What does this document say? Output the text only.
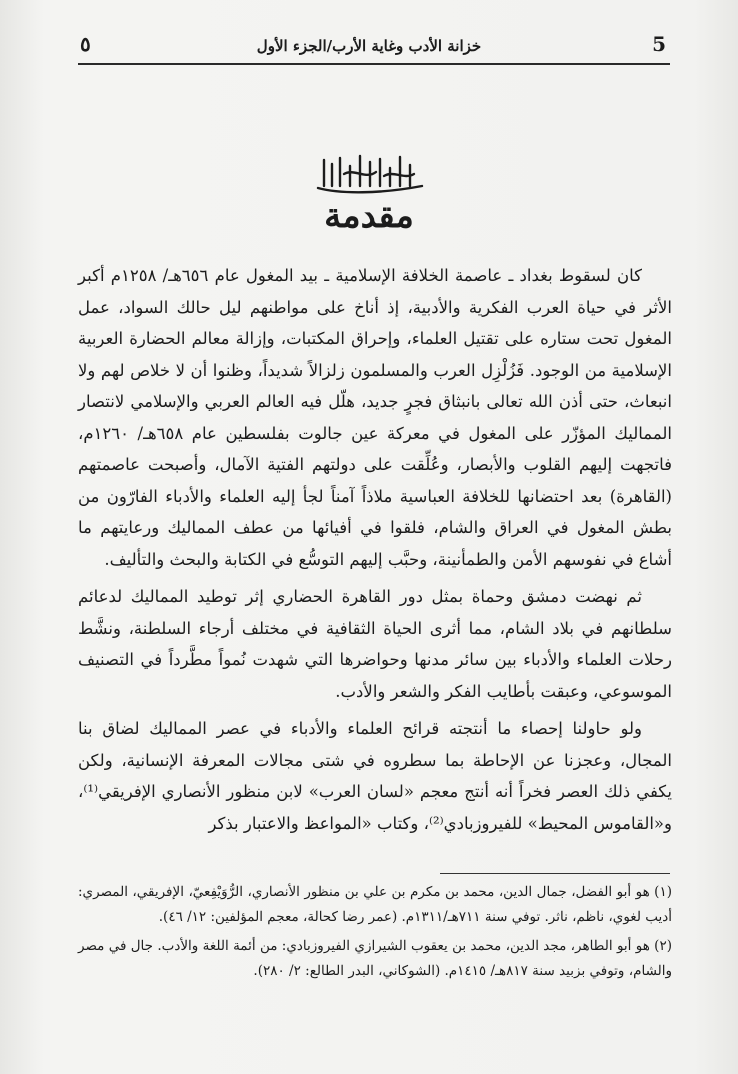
٥	5
خزانة الأدب وغاية الأرب/الجزء الأول
بسم الله الرحمن الرحيم
مقدمة

كان لسقوط بغداد ـ عاصمة الخلافة الإسلامية ـ بيد المغول عام ٦٥٦هـ/ ١٢٥٨م أكبر الأثر في حياة العرب الفكرية والأدبية، إذ أناخ على مواطنهم ليل حالك السواد، عمل المغول تحت ستاره على تقتيل العلماء، وإحراق المكتبات، وإزالة معالم الحضارة العربية الإسلامية من الوجود. فَزُلْزِل العرب والمسلمون زلزالاً شديداً، وظنوا أن لا خلاص لهم ولا انبعاث، حتى أذن الله تعالى بانبثاق فجرٍ جديد، هلّل فيه العالم العربي والإسلامي لانتصار المماليك المؤزّر على المغول في معركة عين جالوت بفلسطين عام ٦٥٨هـ/ ١٢٦٠م، فاتجهت إليهم القلوب والأبصار، وعُلِّقت على دولتهم الفتية الآمال، وأصبحت عاصمتهم (القاهرة) بعد احتضانها للخلافة العباسية ملاذاً آمناً لجأ إليه العلماء والأدباء الفارّون من بطش المغول في العراق والشام، فلقوا في أفيائها من عطف المماليك ورعايتهم ما أشاع في نفوسهم الأمن والطمأنينة، وحبَّب إليهم التوسُّع في الكتابة والبحث والتأليف.

ثم نهضت دمشق وحماة بمثل دور القاهرة الحضاري إثر توطيد المماليك لدعائم سلطانهم في بلاد الشام، مما أثرى الحياة الثقافية في مختلف أرجاء السلطنة، ونشَّط رحلات العلماء والأدباء بين سائر مدنها وحواضرها التي شهدت نُمواً مطَّرداً في التصنيف الموسوعي، وعبقت بأطايب الفكر والشعر والأدب.

ولو حاولنا إحصاء ما أنتجته قرائح العلماء والأدباء في عصر المماليك لضاق بنا المجال، وعجزنا عن الإحاطة بما سطروه في شتى مجالات المعرفة الإنسانية، ولكن يكفي ذلك العصر فخراً أنه أنتج معجم «لسان العرب» لابن منظور الأنصاري الإفريقي⁽¹⁾، و«القاموس المحيط» للفيروزبادي⁽²⁾، وكتاب «المواعظ والاعتبار بذكر

(١) هو أبو الفضل، جمال الدين، محمد بن مكرم بن علي بن منظور الأنصاري، الرُّوَيْفِعيّ، الإفريقي، المصري: أديب لغوي، ناظم، ناثر. توفي سنة ٧١١هـ/١٣١١م. (عمر رضا كحالة، معجم المؤلفين: ١٢/ ٤٦).

(٢) هو أبو الطاهر، مجد الدين، محمد بن يعقوب الشيرازي الفيروزبادي: من أئمة اللغة والأدب. جال في مصر والشام، وتوفي بزبيد سنة ٨١٧هـ/ ١٤١٥م. (الشوكاني، البدر الطالع: ٢/ ٢٨٠).
